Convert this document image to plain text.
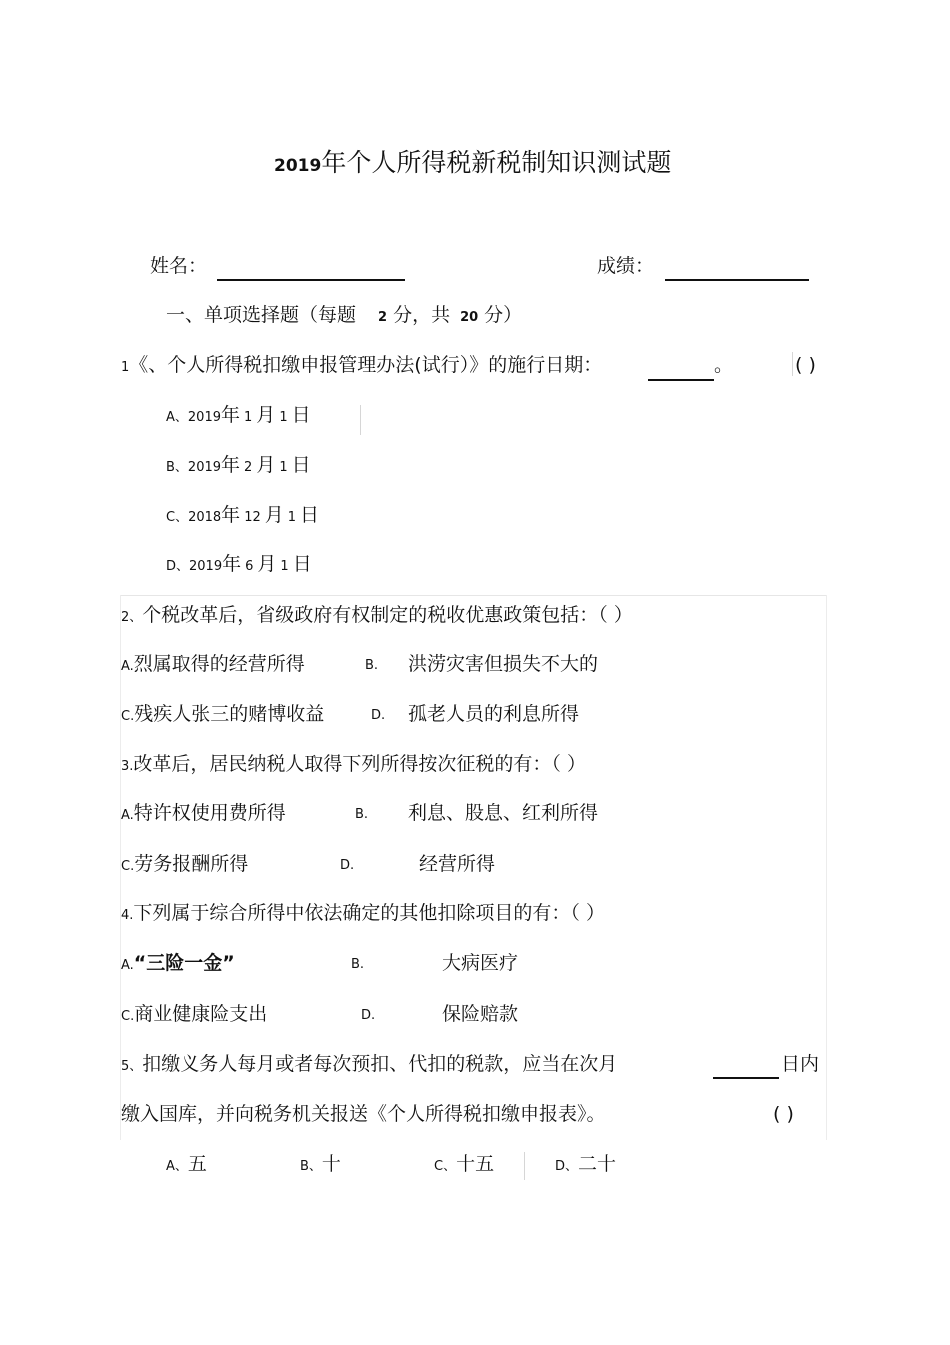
2019年个人所得税新税制知识测试题
姓名：	成绩：
一、单项选择题（每题 2 分，共 20 分）
1《、个人所得税扣缴申报管理办法(试行）》的施行日期：	。	( )
A、2019年 1 月 1 日
B、2019年 2 月 1 日
C、2018年 12 月 1 日
D、2019年 6 月 1 日
2、个税改革后，省级政府有权制定的税收优惠政策包括：（ ）
A.烈属取得的经营所得	B. 洪涝灾害但损失不大的
C.残疾人张三的赌博收益	D. 孤老人员的利息所得
3.改革后，居民纳税人取得下列所得按次征税的有：（ ）
A.特许权使用费所得	B. 利息、股息、红利所得
C.劳务报酬所得	D.	经营所得
4.下列属于综合所得中依法确定的其他扣除项目的有：（ ）
A.“三险一金”	B.	大病医疗
C.商业健康险支出	D.	保险赔款
5、扣缴义务人每月或者每次预扣、代扣的税款，应当在次月	日内
缴入国库，并向税务机关报送《个人所得税扣缴申报表》。	( )
A、五	B、十	C、十五	D、二十
